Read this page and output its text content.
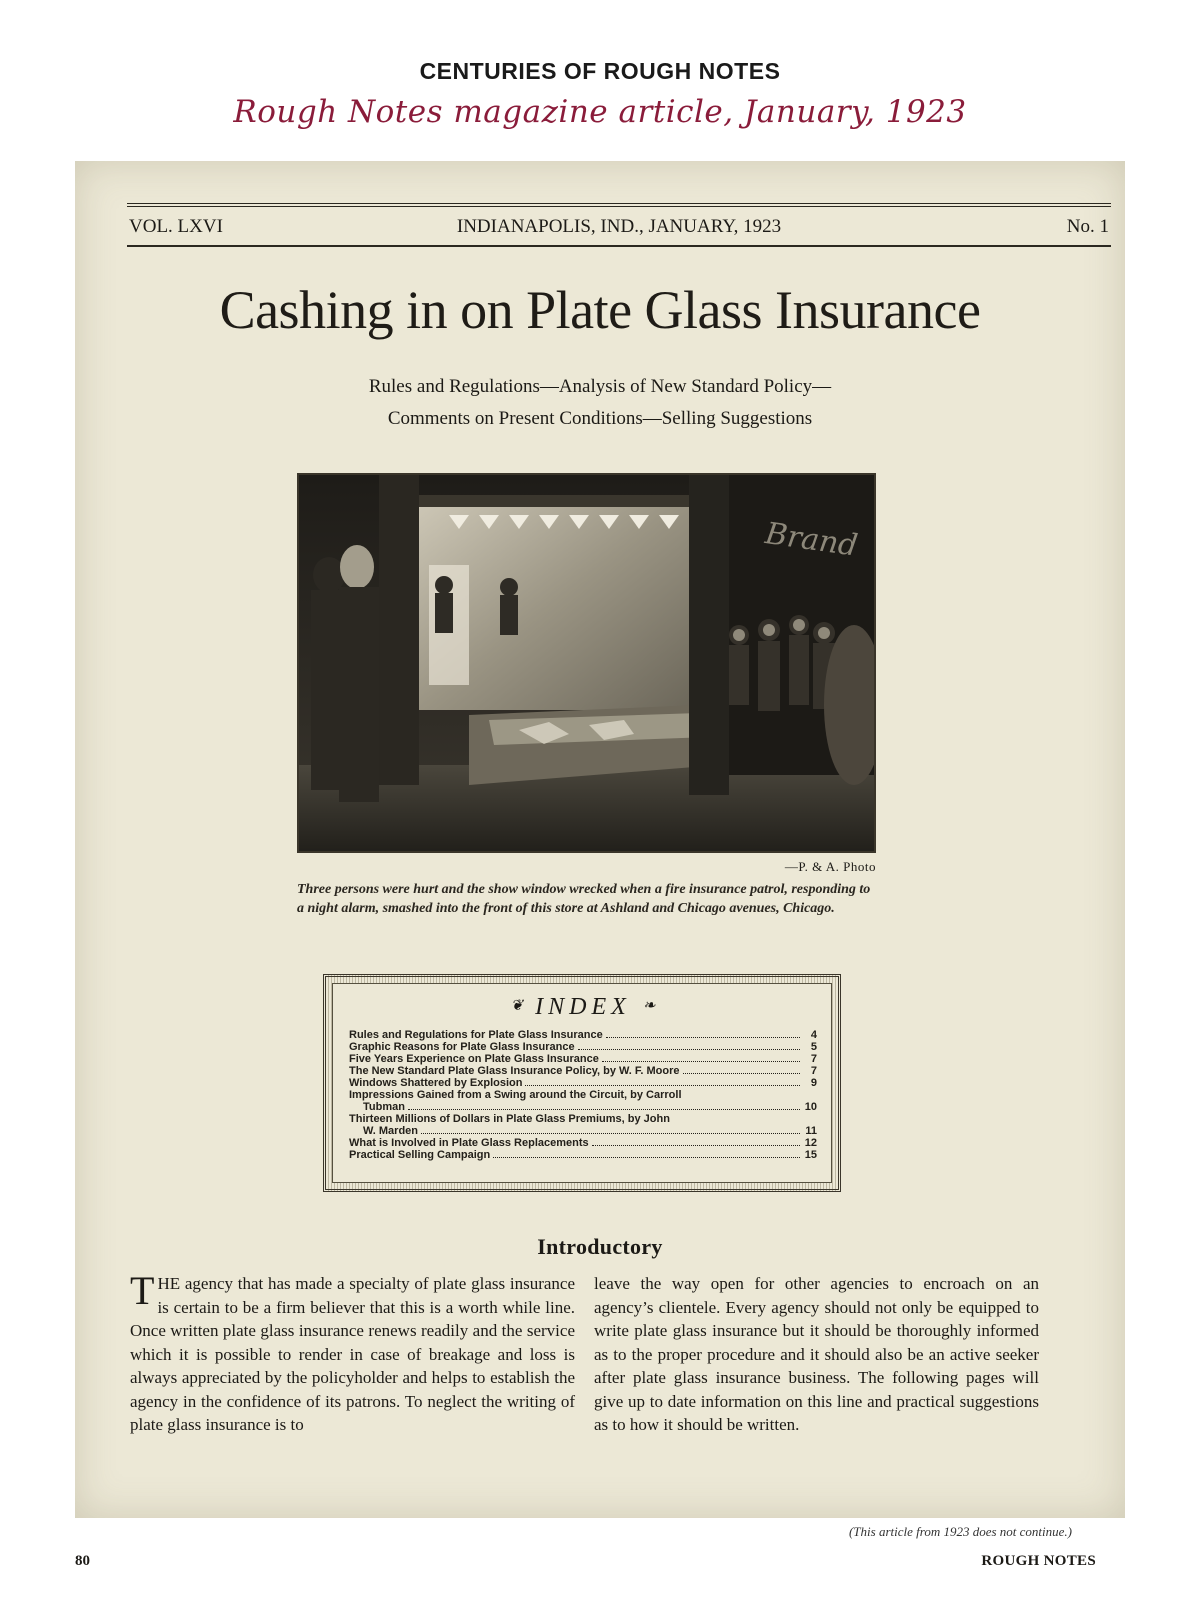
CENTURIES OF ROUGH NOTES
Rough Notes magazine article, January, 1923
VOL. LXVI	INDIANAPOLIS, IND., JANUARY, 1923	No. 1
Cashing in on Plate Glass Insurance
Rules and Regulations—Analysis of New Standard Policy—
Comments on Present Conditions—Selling Suggestions
Brand
—P. & A. Photo
Three persons were hurt and the show window wrecked when a fire insurance patrol, responding to a night alarm, smashed into the front of this store at Ashland and Chicago avenues, Chicago.
❦ INDEX ❧
Rules and Regulations for Plate Glass Insurance	4
Graphic Reasons for Plate Glass Insurance	5
Five Years Experience on Plate Glass Insurance	7
The New Standard Plate Glass Insurance Policy, by W. F. Moore	7
Windows Shattered by Explosion	9
Impressions Gained from a Swing around the Circuit, by Carroll
Tubman	10
Thirteen Millions of Dollars in Plate Glass Premiums, by John
W. Marden	11
What is Involved in Plate Glass Replacements	12
Practical Selling Campaign	15
Introductory
THE agency that has made a specialty of plate glass insurance is certain to be a firm believer that this is a worth while line. Once written plate glass insurance renews readily and the service which it is possible to render in case of breakage and loss is always appreciated by the policyholder and helps to establish the agency in the confidence of its patrons. To neglect the writing of plate glass insurance is to
leave the way open for other agencies to encroach on an agency’s clientele. Every agency should not only be equipped to write plate glass insurance but it should be thoroughly informed as to the proper procedure and it should also be an active seeker after plate glass insurance business. The following pages will give up to date information on this line and practical suggestions as to how it should be written.
(This article from 1923 does not continue.)
80	ROUGH NOTES
